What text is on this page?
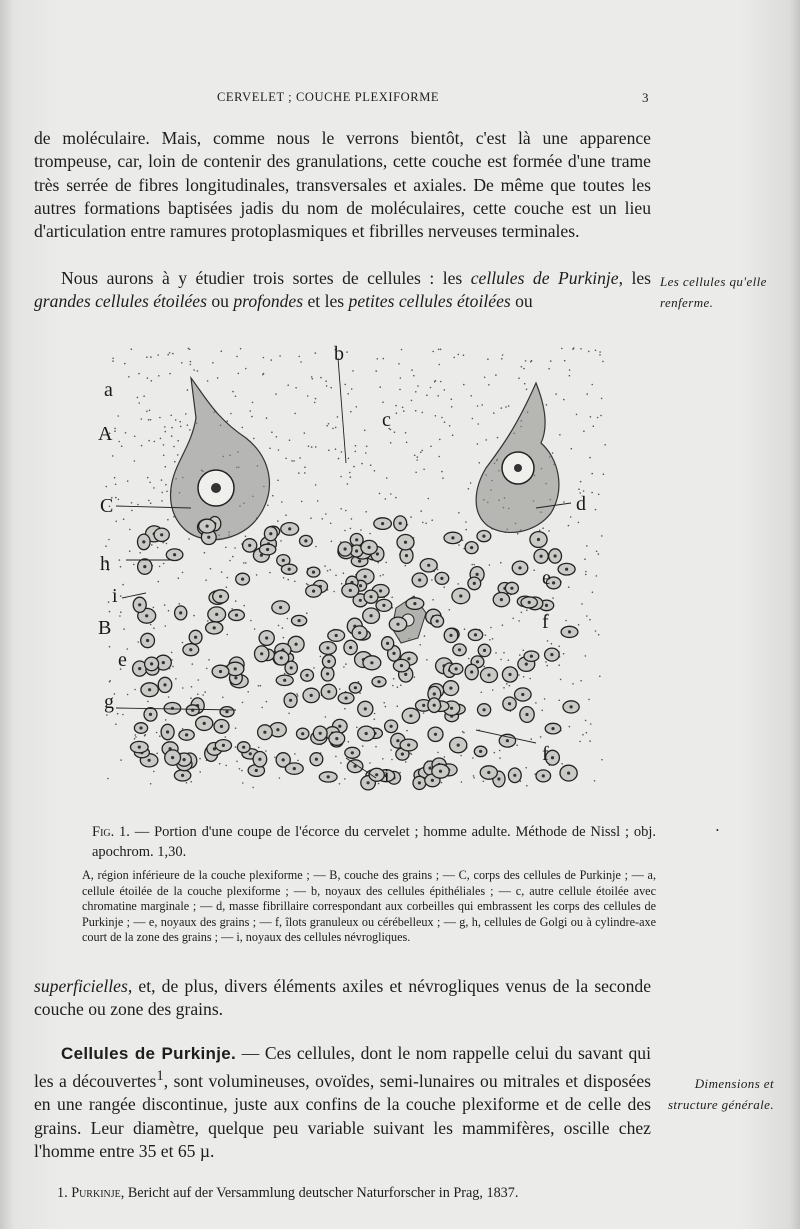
CERVELET ; COUCHE PLEXIFORME	3

de moléculaire. Mais, comme nous le verrons bientôt, c'est là une apparence trompeuse, car, loin de contenir des granulations, cette couche est formée d'une trame très serrée de fibres longitudinales, transversales et axiales. De même que toutes les autres formations baptisées jadis du nom de moléculaires, cette couche est un lieu d'articulation entre ramures protoplasmiques et fibrilles nerveuses terminales.

Nous aurons à y étudier trois sortes de cellules : les cellules de Purkinje, les grandes cellules étoilées ou profondes et les petites cellules étoilées ou

Les cellules qu'elle renferme.
a
A
C
h
i
B
e
g
b
c
d
e
f
f
i
Fig. 1. — Portion d'une coupe de l'écorce du cervelet ; homme adulte. Méthode de Nissl ; obj. apochrom. 1,30.
•
A, région inférieure de la couche plexiforme ; — B, couche des grains ; — C, corps des cellules de Purkinje ; — a, cellule étoilée de la couche plexiforme ; — b, noyaux des cellules épithéliales ; — c, autre cellule étoilée avec chromatine marginale ; — d, masse fibrillaire correspondant aux corbeilles qui embrassent les corps des cellules de Purkinje ; — e, noyaux des grains ; — f, îlots granuleux ou cérébelleux ; — g, h, cellules de Golgi ou à cylindre-axe court de la zone des grains ; — i, noyaux des cellules névrogliques.

superficielles, et, de plus, divers éléments axiles et névrogliques venus de la seconde couche ou zone des grains.

Cellules de Purkinje. — Ces cellules, dont le nom rappelle celui du savant qui les a découvertes$^1$, sont volumineuses, ovoïdes, semi-lunaires ou mitrales et disposées en une rangée discontinue, juste aux confins de la couche plexiforme et de celle des grains. Leur diamètre, quelque peu variable suivant les mammifères, oscille chez l'homme entre 35 et 65 µ.

Dimensions et structure générale.
1. Purkinje, Bericht auf der Versammlung deutscher Naturforscher in Prag, 1837.
